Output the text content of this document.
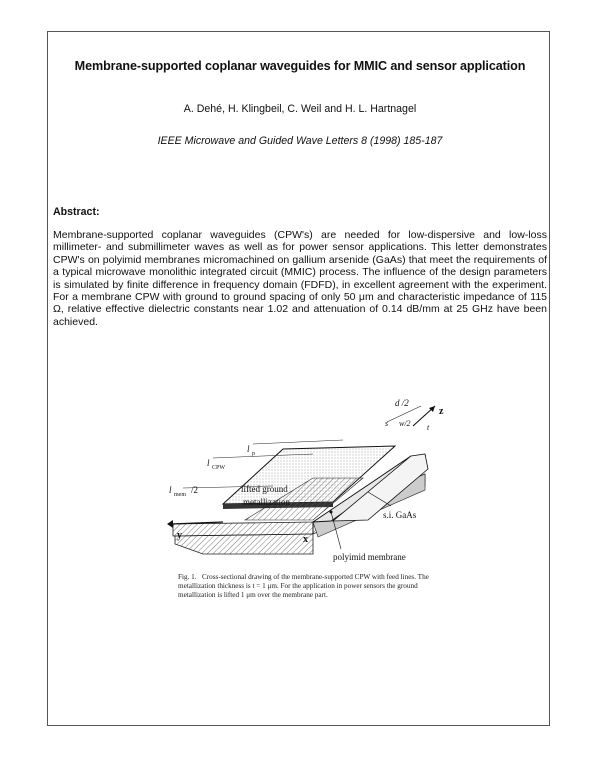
Membrane-supported coplanar waveguides for MMIC and sensor application
A. Dehé, H. Klingbeil, C. Weil and H. L. Hartnagel
IEEE Microwave and Guided Wave Letters 8 (1998) 185-187
Abstract:

Membrane-supported coplanar waveguides (CPW's) are needed for low-dispersive and low-loss millimeter- and submillimeter waves as well as for power sensor applications. This letter demonstrates CPW's on polyimid membranes micromachined on gallium arsenide (GaAs) that meet the requirements of a typical microwave monolithic integrated circuit (MMIC) process. The influence of the design parameters is simulated by finite difference in frequency domain (FDFD), in excellent agreement with the experiment. For a membrane CPW with ground to ground spacing of only 50 μm and characteristic impedance of 115 Ω, relative effective dielectric constants near 1.02 and attenuation of 0.14 dB/mm at 25 GHz have been achieved.

d /2
z
s w/2 t
l p
l CPW
l mem /2	lifted ground
metallization
y	x
s.i. GaAs
polyimid membrane

Fig. 1. Cross-sectional drawing of the membrane-supported CPW with feed lines. The metallization thickness is t = 1 μm. For the application in power sensors the ground metallization is lifted 1 μm over the membrane part.
